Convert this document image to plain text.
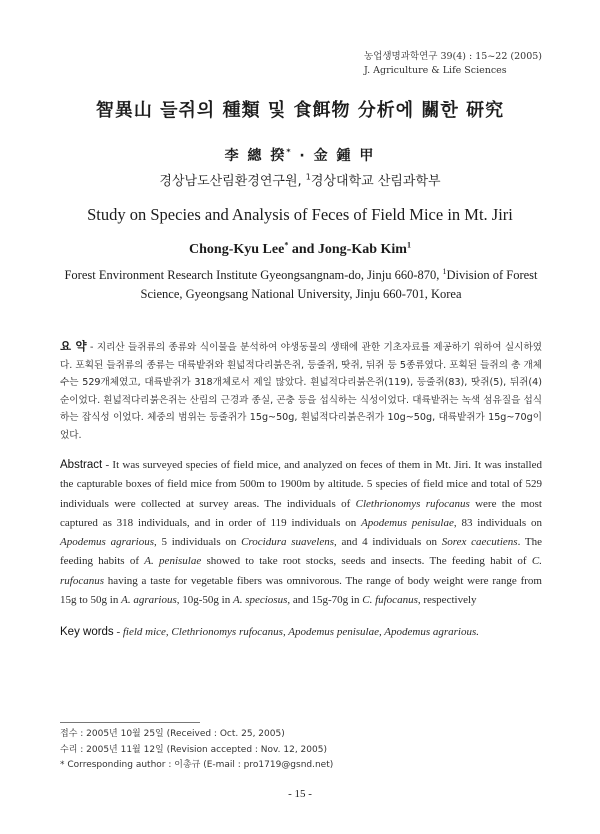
농업생명과학연구 39(4) : 15~22 (2005)
J. Agriculture & Life Sciences
智異山 들쥐의 種類 및 食餌物 分析에 關한 研究
李 總 揆* · 金 鍾 甲
경상남도산림환경연구원, $^1$경상대학교 산림과학부
Study on Species and Analysis of Feces of Field Mice in Mt. Jiri
Chong-Kyu Lee* and Jong-Kab Kim$^1$
Forest Environment Research Institute Gyeongsangnam-do, Jinju 660-870, $^1$Division of Forest Science, Gyeongsang National University, Jinju 660-701, Korea
요 약 - 지리산 들쥐류의 종류와 식이물을 분석하여 야생동물의 생태에 관한 기초자료를 제공하기 위하여 실시하였다. 포획된 들쥐류의 종류는 대륙밭쥐와 흰넓적다리붉은쥐, 등줄쥐, 땃쥐, 뒤쥐 등 5종류였다. 포획된 들쥐의 총 개체수는 529개체였고, 대륙밭쥐가 318개체로서 제일 많았다. 흰넓적다리붉은쥐(119), 등줄쥐(83), 땃쥐(5), 뒤쥐(4)순이었다. 흰넓적다리붉은쥐는 산림의 근경과 종실, 곤충 등을 섭식하는 식성이었다. 대륙밭쥐는 녹색 섬유질을 섭식하는 잡식성 이었다. 체중의 범위는 등줄쥐가 15g~50g, 흰넓적다리붉은쥐가 10g~50g, 대륙밭쥐가 15g~70g이었다.
Abstract - It was surveyed species of field mice, and analyzed on feces of them in Mt. Jiri. It was installed the capturable boxes of field mice from 500m to 1900m by altitude. 5 species of field mice and total of 529 individuals were collected at survey areas. The individuals of Clethrionomys rufocanus were the most captured as 318 individuals, and in order of 119 individuals on Apodemus penisulae, 83 individuals on Apodemus agrarious, 5 individuals on Crocidura suavelens, and 4 individuals on Sorex caecutiens. The feeding habits of A. penisulae showed to take root stocks, seeds and insects. The feeding habit of C. rufocanus having a taste for vegetable fibers was omnivorous. The range of body weight were range from 15g to 50g in A. agrarious, 10g-50g in A. speciosus, and 15g-70g in C. fufocanus, respectively
Key words - field mice, Clethrionomys rufocanus, Apodemus penisulae, Apodemus agrarious.
접수 : 2005년 10월 25일 (Received : Oct. 25, 2005)
수리 : 2005년 11월 12일 (Revision accepted : Nov. 12, 2005)
* Corresponding author : 이총규 (E-mail : pro1719@gsnd.net)
- 15 -
